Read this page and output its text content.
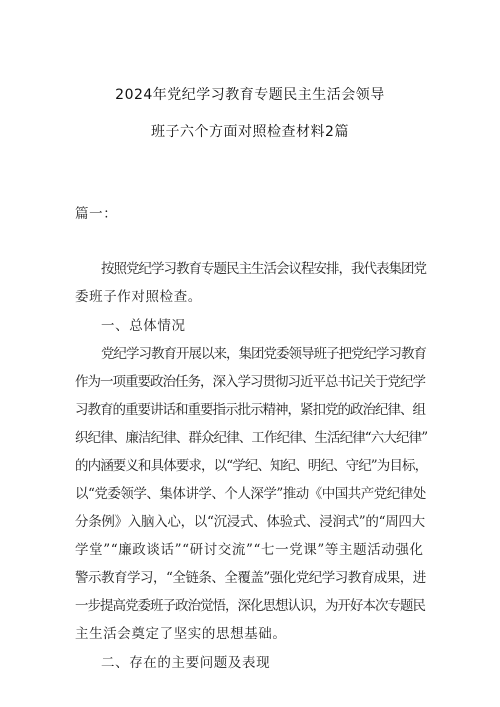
2024年党纪学习教育专题民主生活会领导
班子六个方面对照检查材料2篇
篇一：
按照党纪学习教育专题民主生活会议程安排，我代表集团党
委班子作对照检查。
一、总体情况
党纪学习教育开展以来，集团党委领导班子把党纪学习教育
作为一项重要政治任务，深入学习贯彻习近平总书记关于党纪学
习教育的重要讲话和重要指示批示精神，紧扣党的政治纪律、组
织纪律、廉洁纪律、群众纪律、工作纪律、生活纪律“六大纪律”
的内涵要义和具体要求，以“学纪、知纪、明纪、守纪”为目标，
以“党委领学、集体讲学、个人深学”推动《中国共产党纪律处
分条例》入脑入心，以“沉浸式、体验式、浸润式”的“周四大
学堂”“廉政谈话”“研讨交流”“七一党课”等主题活动强化
警示教育学习，“全链条、全覆盖”强化党纪学习教育成果，进
一步提高党委班子政治觉悟，深化思想认识，为开好本次专题民
主生活会奠定了坚实的思想基础。
二、存在的主要问题及表现
